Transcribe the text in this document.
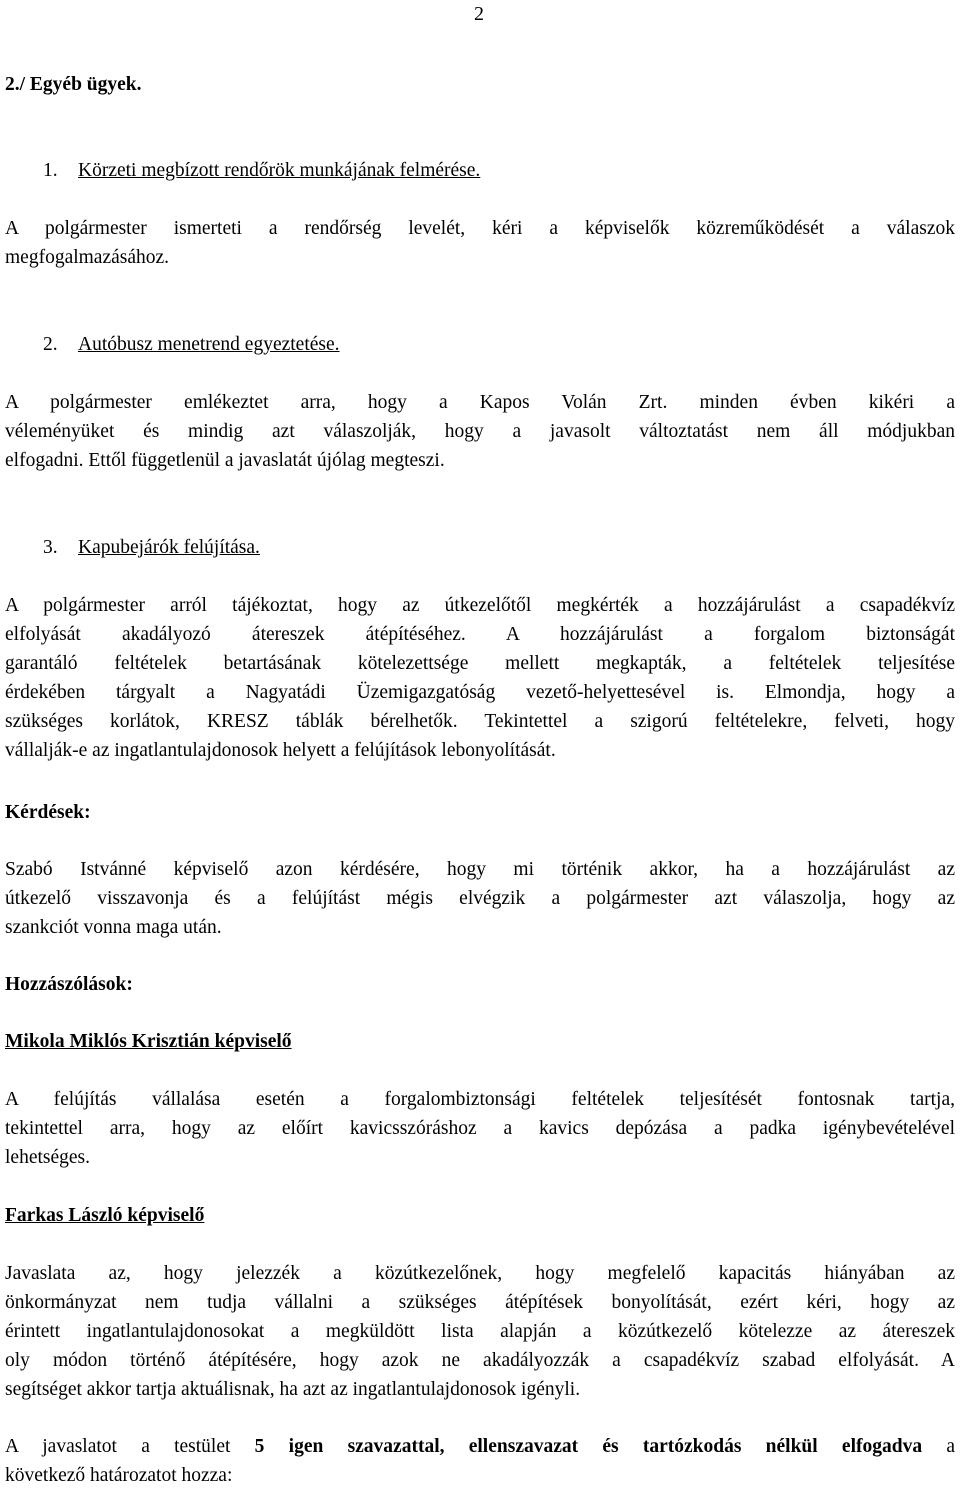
2
2./ Egyéb ügyek.
1. Körzeti megbízott rendőrök munkájának felmérése.
A polgármester ismerteti a rendőrség levelét, kéri a képviselők közreműködését a válaszok
megfogalmazásához.
2. Autóbusz menetrend egyeztetése.
A polgármester emlékeztet arra, hogy a Kapos Volán Zrt. minden évben kikéri a
véleményüket és mindig azt válaszolják, hogy a javasolt változtatást nem áll módjukban
elfogadni. Ettől függetlenül a javaslatát újólag megteszi.
3. Kapubejárók felújítása.
A polgármester arról tájékoztat, hogy az útkezelőtől megkérték a hozzájárulást a csapadékvíz
elfolyását akadályozó átereszek átépítéséhez. A hozzájárulást a forgalom biztonságát
garantáló feltételek betartásának kötelezettsége mellett megkapták, a feltételek teljesítése
érdekében tárgyalt a Nagyatádi Üzemigazgatóság vezető-helyettesével is. Elmondja, hogy a
szükséges korlátok, KRESZ táblák bérelhetők. Tekintettel a szigorú feltételekre, felveti, hogy
vállalják-e az ingatlantulajdonosok helyett a felújítások lebonyolítását.
Kérdések:
Szabó Istvánné képviselő azon kérdésére, hogy mi történik akkor, ha a hozzájárulást az
útkezelő visszavonja és a felújítást mégis elvégzik a polgármester azt válaszolja, hogy az
szankciót vonna maga után.
Hozzászólások:
Mikola Miklós Krisztián képviselő
A felújítás vállalása esetén a forgalombiztonsági feltételek teljesítését fontosnak tartja,
tekintettel arra, hogy az előírt kavicsszóráshoz a kavics depózása a padka igénybevételével
lehetséges.
Farkas László képviselő
Javaslata az, hogy jelezzék a közútkezelőnek, hogy megfelelő kapacitás hiányában az
önkormányzat nem tudja vállalni a szükséges átépítések bonyolítását, ezért kéri, hogy az
érintett ingatlantulajdonosokat a megküldött lista alapján a közútkezelő kötelezze az átereszek
oly módon történő átépítésére, hogy azok ne akadályozzák a csapadékvíz szabad elfolyását. A
segítséget akkor tartja aktuálisnak, ha azt az ingatlantulajdonosok igényli.
A javaslatot a testület 5 igen szavazattal, ellenszavazat és tartózkodás nélkül elfogadva a
következő határozatot hozza:
